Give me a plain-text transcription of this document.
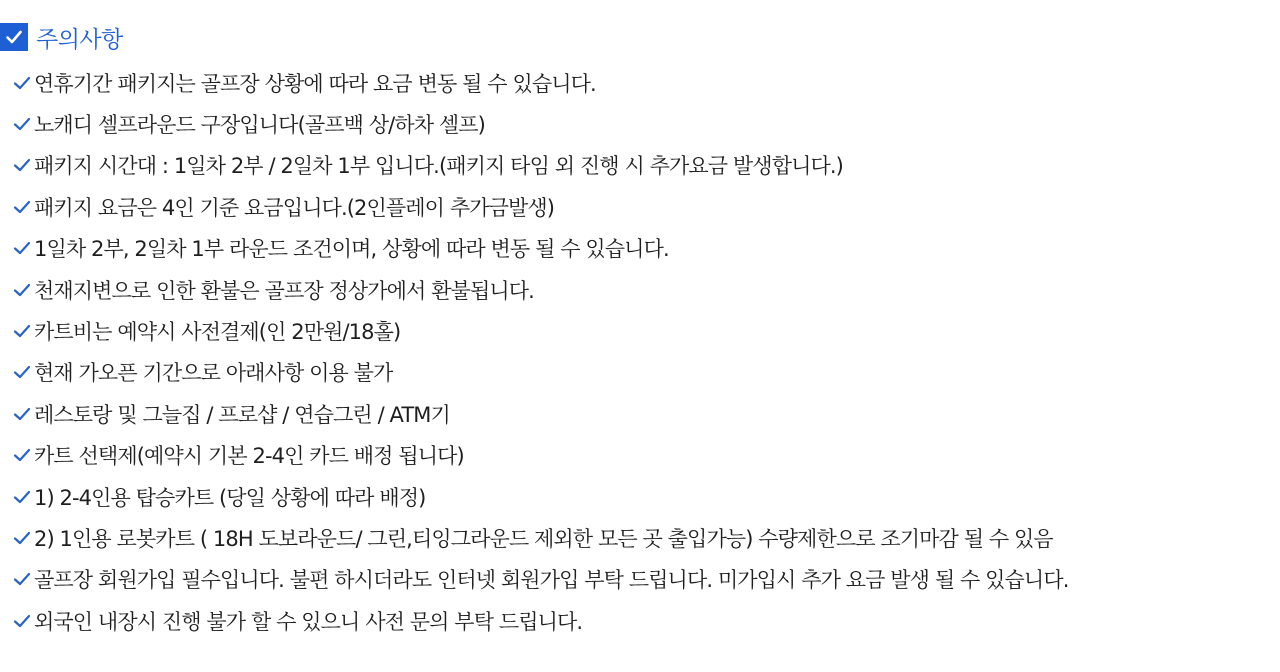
주의사항
연휴기간 패키지는 골프장 상황에 따라 요금 변동 될 수 있습니다.
노캐디 셀프라운드 구장입니다(골프백 상/하차 셀프)
패키지 시간대 : 1일차 2부 / 2일차 1부 입니다.(패키지 타임 외 진행 시 추가요금 발생합니다.)
패키지 요금은 4인 기준 요금입니다.(2인플레이 추가금발생)
1일차 2부, 2일차 1부 라운드 조건이며, 상황에 따라 변동 될 수 있습니다.
천재지변으로 인한 환불은 골프장 정상가에서 환불됩니다.
카트비는 예약시 사전결제(인 2만원/18홀)
현재 가오픈 기간으로 아래사항 이용 불가
레스토랑 및 그늘집 / 프로샵 / 연습그린 / ATM기
카트 선택제(예약시 기본 2-4인 카드 배정 됩니다)
1) 2-4인용 탑승카트 (당일 상황에 따라 배정)
2) 1인용 로봇카트 ( 18H 도보라운드/ 그린,티잉그라운드 제외한 모든 곳 출입가능) 수량제한으로 조기마감 될 수 있음
골프장 회원가입 필수입니다. 불편 하시더라도 인터넷 회원가입 부탁 드립니다. 미가입시 추가 요금 발생 될 수 있습니다.
외국인 내장시 진행 불가 할 수 있으니 사전 문의 부탁 드립니다.
